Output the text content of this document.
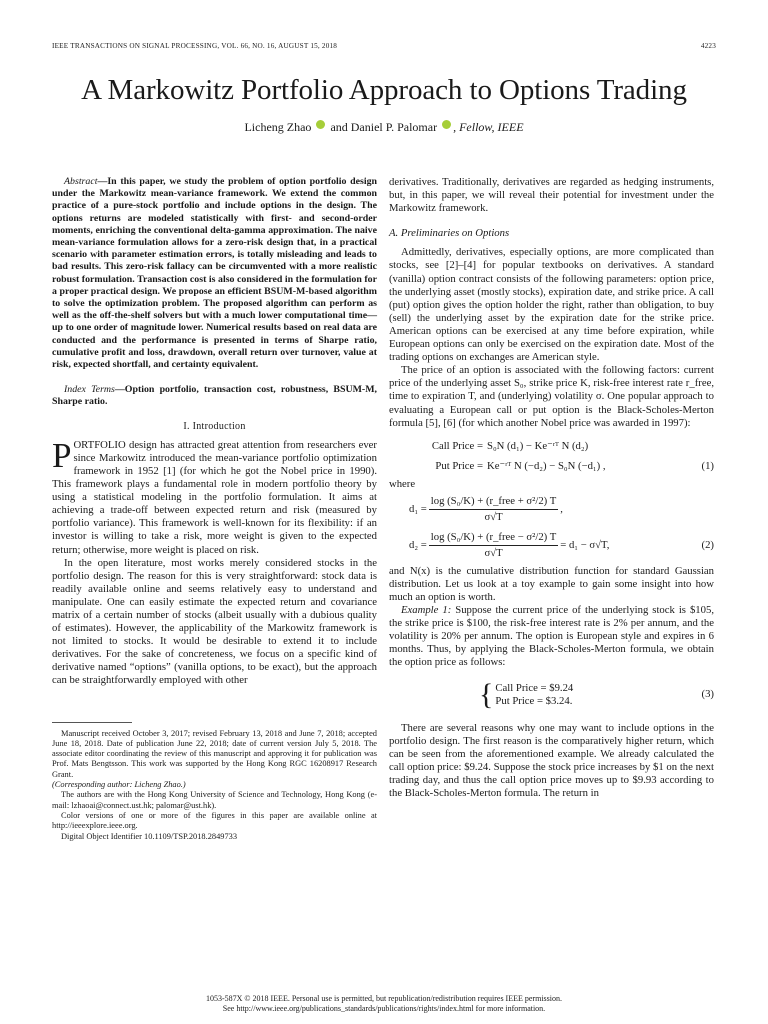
IEEE TRANSACTIONS ON SIGNAL PROCESSING, VOL. 66, NO. 16, AUGUST 15, 2018	4223
A Markowitz Portfolio Approach to Options Trading
Licheng Zhao and Daniel P. Palomar , Fellow, IEEE

Abstract—In this paper, we study the problem of option portfolio design under the Markowitz mean-variance framework. We extend the common practice of a pure-stock portfolio and include options in the design. The options returns are modeled statistically with first- and second-order moments, enriching the conventional delta-gamma approximation. The naive mean-variance formulation allows for a zero-risk design that, in a practical scenario with parameter estimation errors, is totally misleading and leads to bad results. This zero-risk fallacy can be circumvented with a more realistic robust formulation. Transaction cost is also considered in the formulation for a proper practical design. We propose an efficient BSUM-M-based algorithm to solve the optimization problem. The proposed algorithm can perform as well as the off-the-shelf solvers but with a much lower computational time—up to one order of magnitude lower. Numerical results based on real data are conducted and the performance is presented in terms of Sharpe ratio, cumulative profit and loss, drawdown, overall return over turnover, value at risk, expected shortfall, and certainty equivalent.

Index Terms—Option portfolio, transaction cost, robustness, BSUM-M, Sharpe ratio.

I. Introduction

PORTFOLIO design has attracted great attention from researchers ever since Markowitz introduced the mean-variance portfolio optimization framework in 1952 [1] (for which he got the Nobel price in 1990). This framework plays a fundamental role in modern portfolio theory by using a statistical modeling in the portfolio formulation. It aims at achieving a trade-off between expected return and risk (measured by portfolio variance). This framework is well-known for its flexibility: if an investor is willing to take a risk, more weight is given to the expected return; otherwise, more weight is placed on risk.

In the open literature, most works merely considered stocks in the portfolio design. The reason for this is very straightforward: stock data is readily available online and seems relatively easy to understand and manipulate. One can easily estimate the expected return and covariance matrix of a certain number of stocks (albeit usually with a dubious quality of estimates). However, the applicability of the Markowitz framework is not limited to stocks. It would be desirable to extend it to include derivatives. For the sake of concreteness, we focus on a specific kind of derivative named “options” (vanilla options, to be exact), but the approach can be straightforwardly employed with other

Manuscript received October 3, 2017; revised February 13, 2018 and June 7, 2018; accepted June 18, 2018. Date of publication June 22, 2018; date of current version July 5, 2018. The associate editor coordinating the review of this manuscript and approving it for publication was Prof. Mats Bengtsson. This work was supported by the Hong Kong RGC 16208917 Research Grant.

(Corresponding author: Licheng Zhao.)

The authors are with the Hong Kong University of Science and Technology, Hong Kong (e-mail: lzhaoai@connect.ust.hk; palomar@ust.hk).

Color versions of one or more of the figures in this paper are available online at http://ieeexplore.ieee.org.

Digital Object Identifier 10.1109/TSP.2018.2849733

derivatives. Traditionally, derivatives are regarded as hedging instruments, but, in this paper, we will reveal their potential for investment under the Markowitz framework.

A. Preliminaries on Options

Admittedly, derivatives, especially options, are more complicated than stocks, see [2]–[4] for popular textbooks on derivatives. A standard (vanilla) option contract consists of the following parameters: option price, the underlying asset (mostly stocks), expiration date, and strike price. A call (put) option gives the option holder the right, rather than obligation, to buy (sell) the underlying asset by the expiration date for the strike price. American options can be exercised at any time before expiration, while European options can only be exercised on the expiration date. Most of the trading options on exchanges are American style.

The price of an option is associated with the following factors: current price of the underlying asset S₀, strike price K, risk-free interest rate r_free, time to expiration T, and (underlying) volatility σ. One popular approach to evaluating a European call or put option is the Black-Scholes-Merton formula [5], [6] (for which another Nobel price was awarded in 1997):

Call Price = S₀N (d₁) − Ke⁻ʳᵀ N (d₂)
Put Price = Ke⁻ʳᵀ N (−d₂) − S₀N (−d₁) ,	(1)

where

$d_1 = \frac{\text{log (S₀/K) + (r\_free + σ²/2) T}}{\sigma√T}$ ,
$d_2 = \frac{\text{log (S₀/K) + (r\_free − σ²/2) T}}{\sigma√T} = d_1 - \sigma√T$,	(2)

and N(x) is the cumulative distribution function for standard Gaussian distribution. Let us look at a toy example to gain some insight into how much an option is worth.

Example 1: Suppose the current price of the underlying stock is $105, the strike price is $100, the risk-free interest rate is 2% per annum, and the volatility is 20% per annum. The option is European style and expires in 6 months. Thus, by applying the Black-Scholes-Merton formula, we obtain the option price as follows:

{ Call Price = $9.24
Put Price = $3.24.
(3)

There are several reasons why one may want to include options in the portfolio design. The first reason is the comparatively higher return, which can be seen from the aforementioned example. We already calculated the call option price: $9.24. Suppose the stock price increases by $1 on the next trading day, and thus the call option price moves up to $9.93 according to the Black-Scholes-Merton formula. The return in

1053-587X © 2018 IEEE. Personal use is permitted, but republication/redistribution requires IEEE permission.
See http://www.ieee.org/publications_standards/publications/rights/index.html for more information.
